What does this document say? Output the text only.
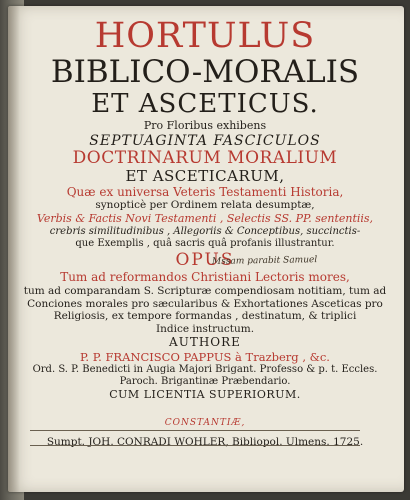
HORTULUS
BIBLICO-MORALIS
ET ASCETICUS.
Pro Floribus exhibens
SEPTUAGINTA FASCICULOS
DOCTRINARUM MORALIUM
ET ASCETICARUM,
Quæ ex universa Veteris Testamenti Historia,
synopticè per Ordinem relata desumptæ,
Verbis & Factis Novi Testamenti , Selectis SS. PP. sententiis,
crebris similitudinibus , Allegoriis & Conceptibus, succinctis-
que Exemplis , quâ sacris quâ profanis illustrantur.
OPUS
Mssam parabit Samuel
Tum ad reformandos Christiani Lectoris mores,
tum ad comparandam S. Scripturæ compendiosam notitiam, tum ad
Conciones morales pro sæcularibus & Exhortationes Asceticas pro
Religiosis, ex tempore formandas , destinatum, & triplici
Indice instructum.
AUTHORE
P. P. FRANCISCO PAPPUS à Trazberg , &c.
Ord. S. P. Benedicti in Augia Majori Brigant. Professo & p. t. Eccles.
Paroch. Brigantinæ Præbendario.
CUM LICENTIA SUPERIORUM.
CONSTANTIÆ,
Sumpt. JOH. CONRADI WOHLER, Bibliopol. Ulmens. 1725.
